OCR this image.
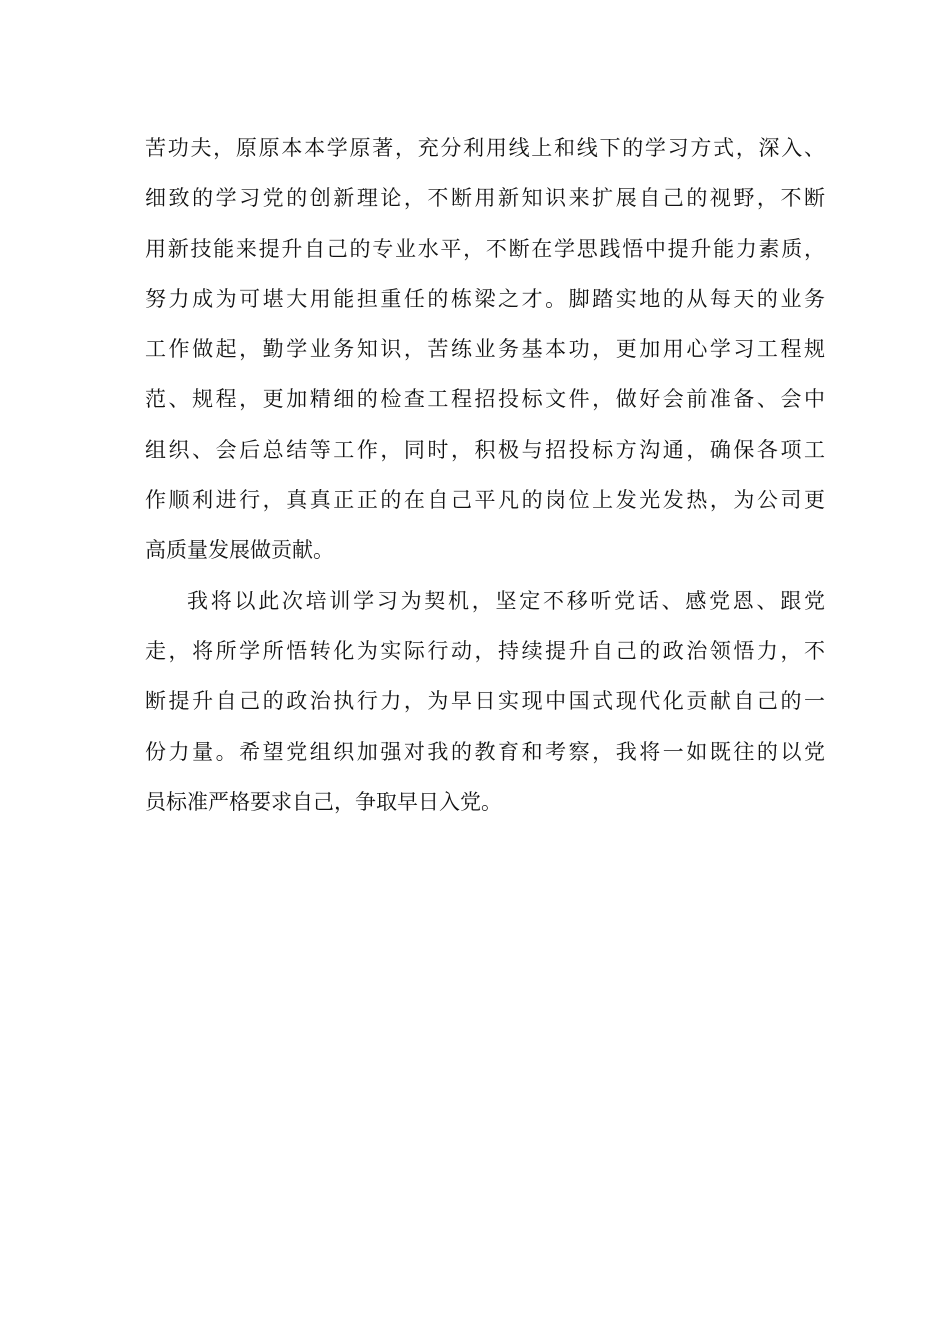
苦功夫，原原本本学原著，充分利用线上和线下的学习方式，深入、
细致的学习党的创新理论，不断用新知识来扩展自己的视野，不断
用新技能来提升自己的专业水平，不断在学思践悟中提升能力素质，
努力成为可堪大用能担重任的栋梁之才。脚踏实地的从每天的业务
工作做起，勤学业务知识，苦练业务基本功，更加用心学习工程规
范、规程，更加精细的检查工程招投标文件，做好会前准备、会中
组织、会后总结等工作，同时，积极与招投标方沟通，确保各项工
作顺利进行，真真正正的在自己平凡的岗位上发光发热，为公司更
高质量发展做贡献。
我将以此次培训学习为契机，坚定不移听党话、感党恩、跟党
走，将所学所悟转化为实际行动，持续提升自己的政治领悟力，不
断提升自己的政治执行力，为早日实现中国式现代化贡献自己的一
份力量。希望党组织加强对我的教育和考察，我将一如既往的以党
员标准严格要求自己，争取早日入党。
